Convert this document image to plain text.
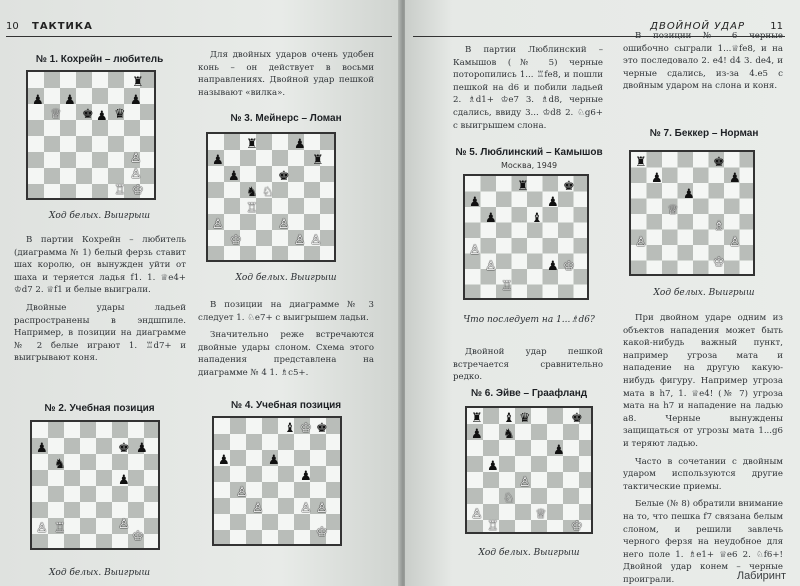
10 ТАКТИКА
№ 1. Кохрейн – любитель
♟ ♟
♚ ♟
♜
♟
♛
♕
♙
♙
♖ ♔
Ход белых. Выигрыш

В партии Кохрейн – любитель (диаграмма № 1) белый ферзь ставит шах королю, он вынужден уйти от шаха и теряется ладья f1. 1. ♕e4+ ♔d7 2. ♕f1 и белые выиграли.

Двойные удары ладьей распространены в эндшпиле. Например, в позиции на диаграмме № 2 белые играют 1. ♖d7+ и выигрывают коня.

№ 2. Учебная позиция
♟
♞
♚ ♟
♟
♖
♙
♔
♙
Ход белых. Выигрыш

Для двойных ударов очень удобен конь – он действует в восьми направлениях. Двойной удар пешкой называют «вилка».

№ 3. Мейнерс – Ломан
♜	♟
♟
♟
♜
♞ ♘
♚
♖
♙	♙
♔	♙ ♙
Ход белых. Выигрыш

В позиции на диаграмме № 3 следует 1. ♘e7+ с выигрышем ладьи.

Значительно реже встречаются двойные удары слоном. Схема этого нападения представлена на диаграмме № 4 1. ♗c5+.

№ 4. Учебная позиция
♔
♝ ♚
♟	♟
♟
♙
♙	♙ ♙
♔
ДВОЙНОЙ УДАР	11

В партии Люблинский – Камышов (№ 5) черные поторопились 1... ♖fe8, и пошли пешкой на d6 и побили ладьей 2. ♗d1+ ♔e7 3. ♗d8, черные сдались, ввиду 3... ♔d8 2. ♘g6+ с выигрышем слона.

№ 5. Люблинский – Камышов
Москва, 1949
♜	♚
♟	♟
♟	♝
♙
♙	♟ ♔
♖
Что последует на 1...♗d6?

Двойной удар пешкой встречается сравнительно редко.

№ 6. Эйве – Граафланд
♜ ♝ ♛	♚
♟ ♞
♟
♟
♙
♘
♙	♕
♖	♔
Ход белых. Выигрыш

В позиции № 6 черные ошибочно сыграли 1...♕fe8, и на это последовало 2. e4! d4 3. de4, и черные сдались, из-за 4.e5 с двойным ударом на слона и коня.

№ 7. Беккер – Норман
♜	♚
♟	♟
♟
♕
♗
♙	♙
♔
Ход белых. Выигрыш

При двойном ударе одним из объектов нападения может быть какой-нибудь важный пункт, например угроза мата и нападение на другую какую-нибудь фигуру. Например угроза мата в h7, 1. ♕e4! (№ 7) угроза мата на h7 и нападение на ладью a8. Черные вынуждены защищаться от угрозы мата 1...g6 и теряют ладью.

Часто в сочетании с двойным ударом используются другие тактические приемы.

Белые (№ 8) обратили внимание на то, что пешка f7 связана белым слоном, и решили завлечь черного ферзя на неудобное для него поле 1. ♗e1+ ♕e6 2. ♘f6+! Двойной удар конем – черные проиграли.	Лабиринт
